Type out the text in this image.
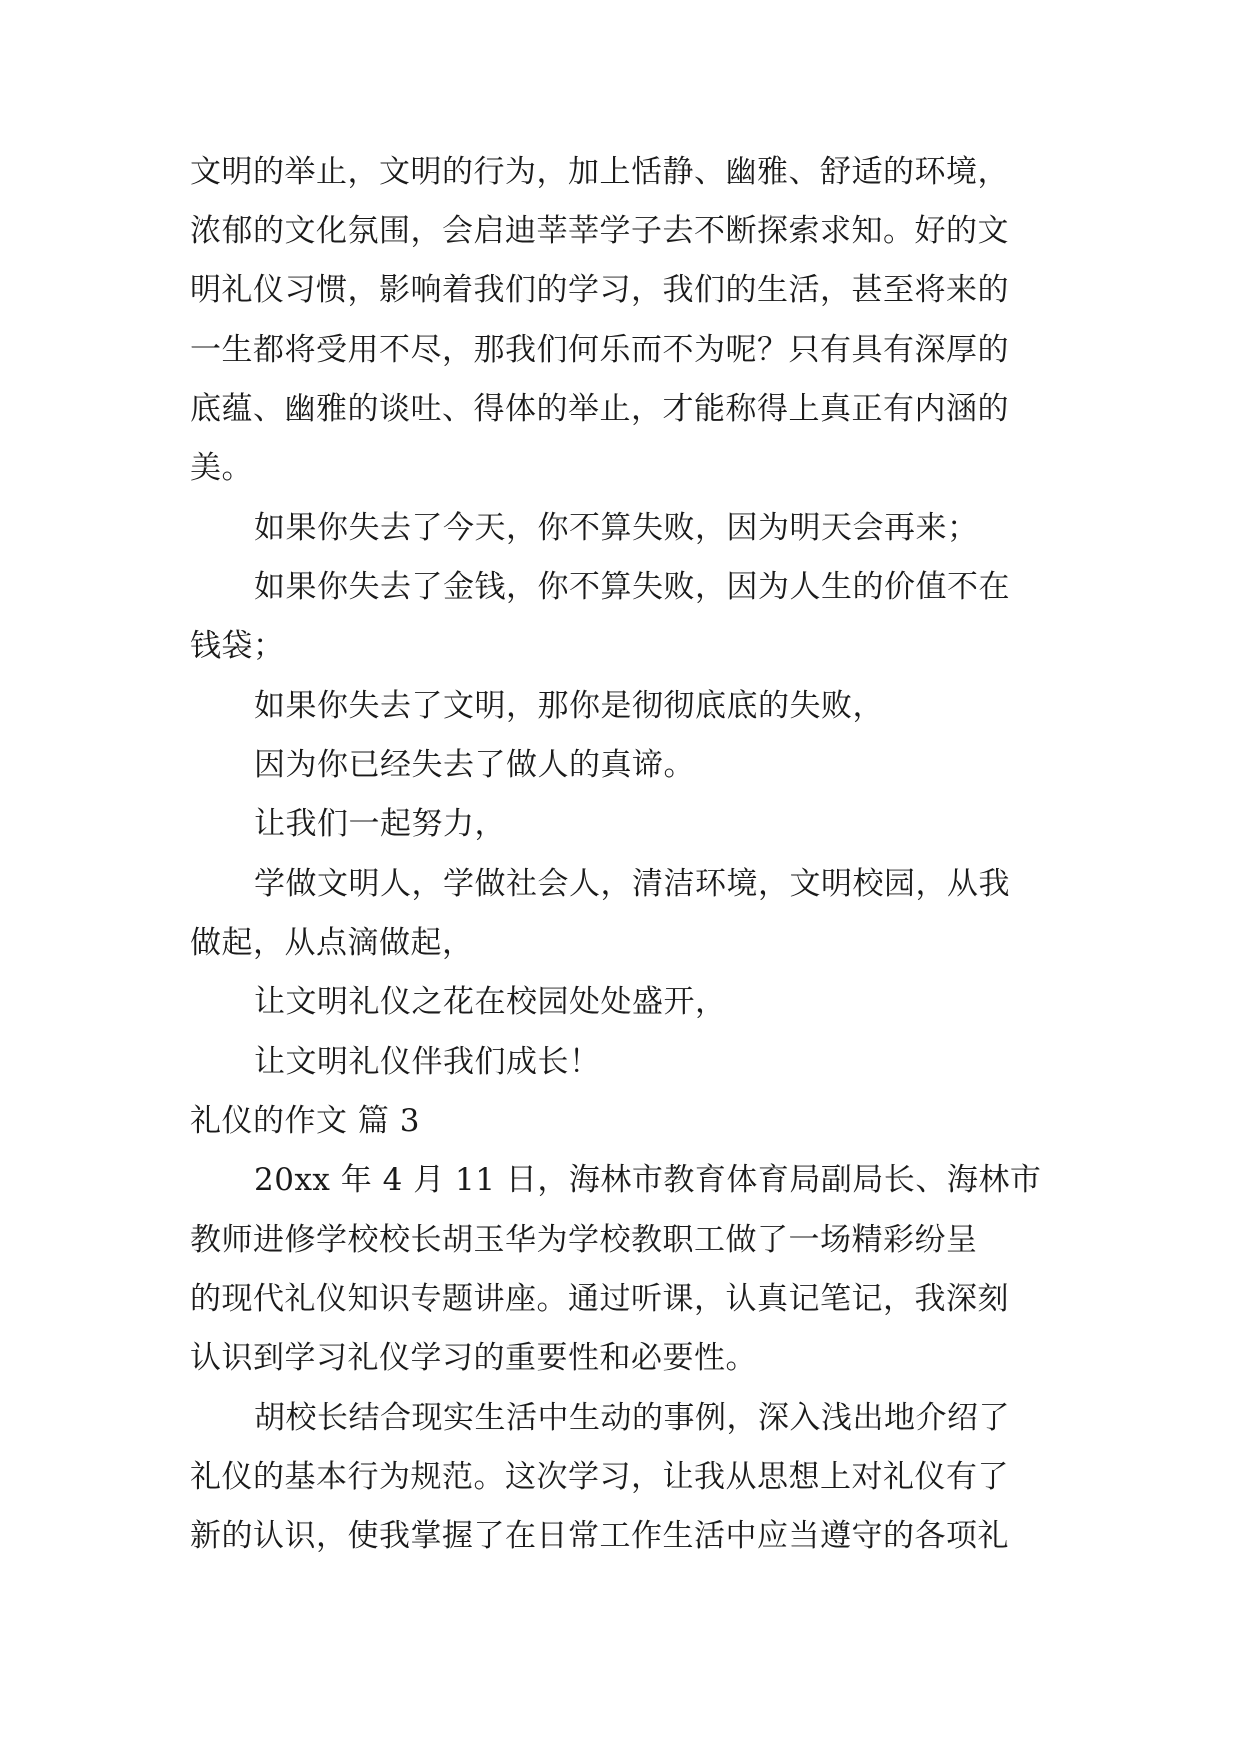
文明的举止，文明的行为，加上恬静、幽雅、舒适的环境，
浓郁的文化氛围，会启迪莘莘学子去不断探索求知。好的文
明礼仪习惯，影响着我们的学习，我们的生活，甚至将来的
一生都将受用不尽，那我们何乐而不为呢？只有具有深厚的
底蕴、幽雅的谈吐、得体的举止，才能称得上真正有内涵的
美。
如果你失去了今天，你不算失败，因为明天会再来；
如果你失去了金钱，你不算失败，因为人生的价值不在
钱袋；
如果你失去了文明，那你是彻彻底底的失败，
因为你已经失去了做人的真谛。
让我们一起努力，
学做文明人，学做社会人，清洁环境，文明校园，从我
做起，从点滴做起，
让文明礼仪之花在校园处处盛开，
让文明礼仪伴我们成长！
礼仪的作文 篇 3
20xx 年 4 月 11 日，海林市教育体育局副局长、海林市
教师进修学校校长胡玉华为学校教职工做了一场精彩纷呈
的现代礼仪知识专题讲座。通过听课，认真记笔记，我深刻
认识到学习礼仪学习的重要性和必要性。
胡校长结合现实生活中生动的事例，深入浅出地介绍了
礼仪的基本行为规范。这次学习，让我从思想上对礼仪有了
新的认识，使我掌握了在日常工作生活中应当遵守的各项礼
